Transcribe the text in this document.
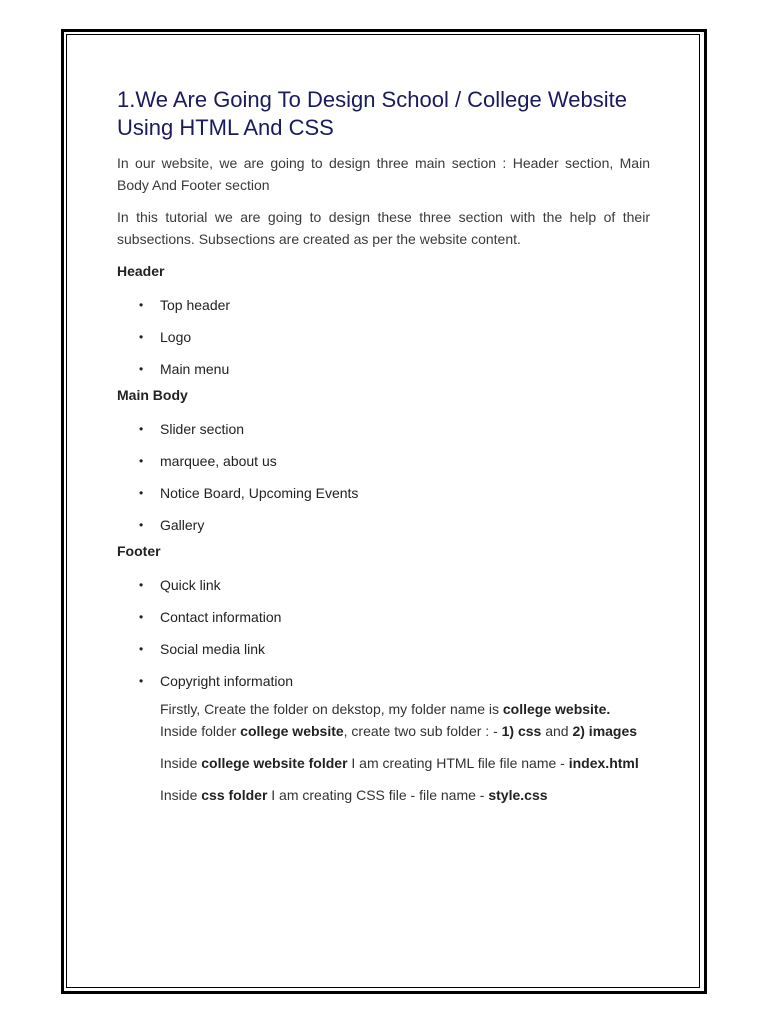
1.We Are Going To Design School / College Website Using HTML And CSS

In our website, we are going to design three main section : Header section, Main Body And Footer section

In this tutorial we are going to design these three section with the help of their subsections. Subsections are created as per the website content.

Header
• Top header
• Logo
• Main menu
Main Body
• Slider section
• marquee, about us
• Notice Board, Upcoming Events
• Gallery
Footer
• Quick link
• Contact information
• Social media link
• Copyright information

Firstly, Create the folder on dekstop, my folder name is college website. Inside folder college website, create two sub folder : - 1) css and 2) images

Inside college website folder I am creating HTML file file name - index.html

Inside css folder I am creating CSS file - file name - style.css
